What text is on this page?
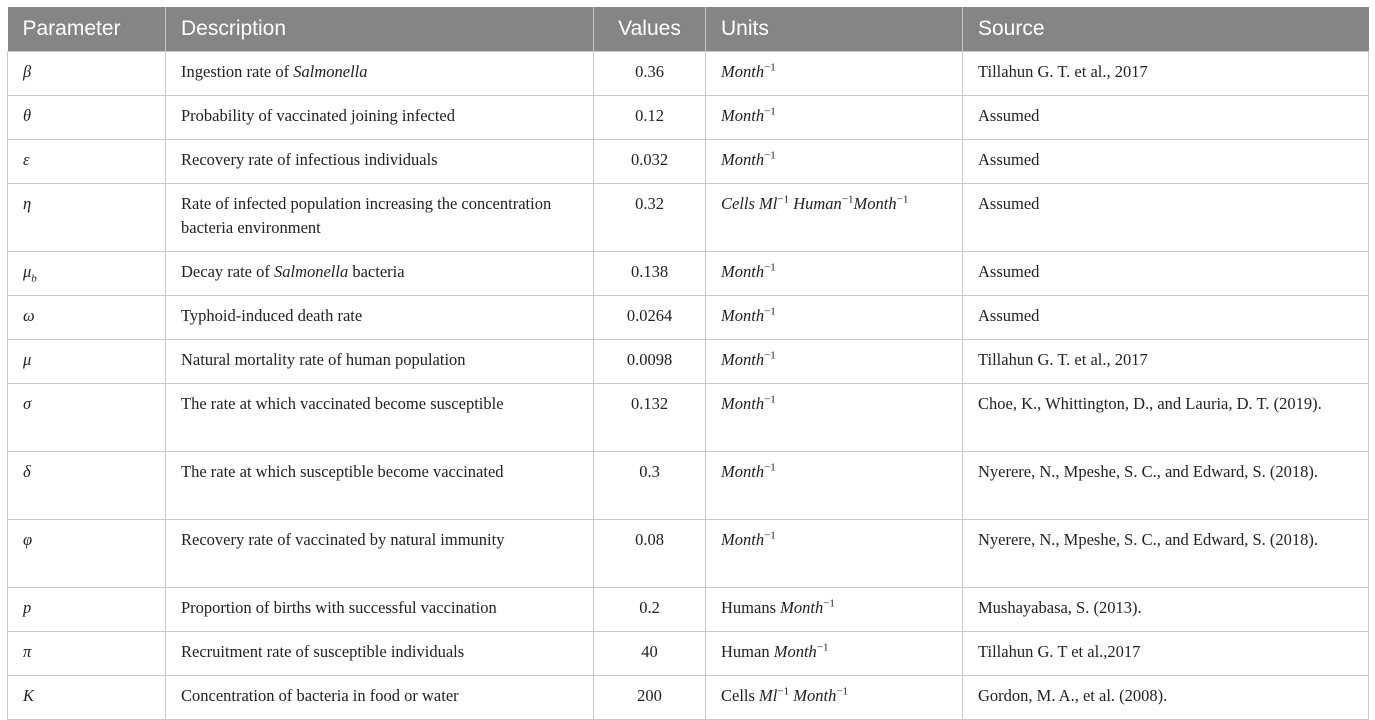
Parameter	Description	Values	Units	Source
β	Ingestion rate of Salmonella	0.36	Month$^{-1}$	Tillahun G. T. et al., 2017
θ	Probability of vaccinated joining infected	0.12	Month$^{-1}$	Assumed
ε	Recovery rate of infectious individuals	0.032	Month$^{-1}$	Assumed
η	Rate of infected population increasing the concentration bacteria environment	0.32	Cells $Ml^{-1}$ Human$^{-1}$Month$^{-1}$	Assumed
$\mu_b$	Decay rate of Salmonella bacteria	0.138	Month$^{-1}$	Assumed
ω	Typhoid-induced death rate	0.0264	Month$^{-1}$	Assumed
μ	Natural mortality rate of human population	0.0098	Month$^{-1}$	Tillahun G. T. et al., 2017
σ	The rate at which vaccinated become susceptible	0.132	Month$^{-1}$	Choe, K., Whittington, D., and Lauria, D. T. (2019).
δ	The rate at which susceptible become vaccinated	0.3	Month$^{-1}$	Nyerere, N., Mpeshe, S. C., and Edward, S. (2018).
φ	Recovery rate of vaccinated by natural immunity	0.08	Month$^{-1}$	Nyerere, N., Mpeshe, S. C., and Edward, S. (2018).
p	Proportion of births with successful vaccination	0.2	Humans Month$^{-1}$	Mushayabasa, S. (2013).
π	Recruitment rate of susceptible individuals	40	Human Month$^{-1}$	Tillahun G. T et al.,2017
K	Concentration of bacteria in food or water	200	Cells $Ml^{-1}$ Month$^{-1}$	Gordon, M. A., et al. (2008).
